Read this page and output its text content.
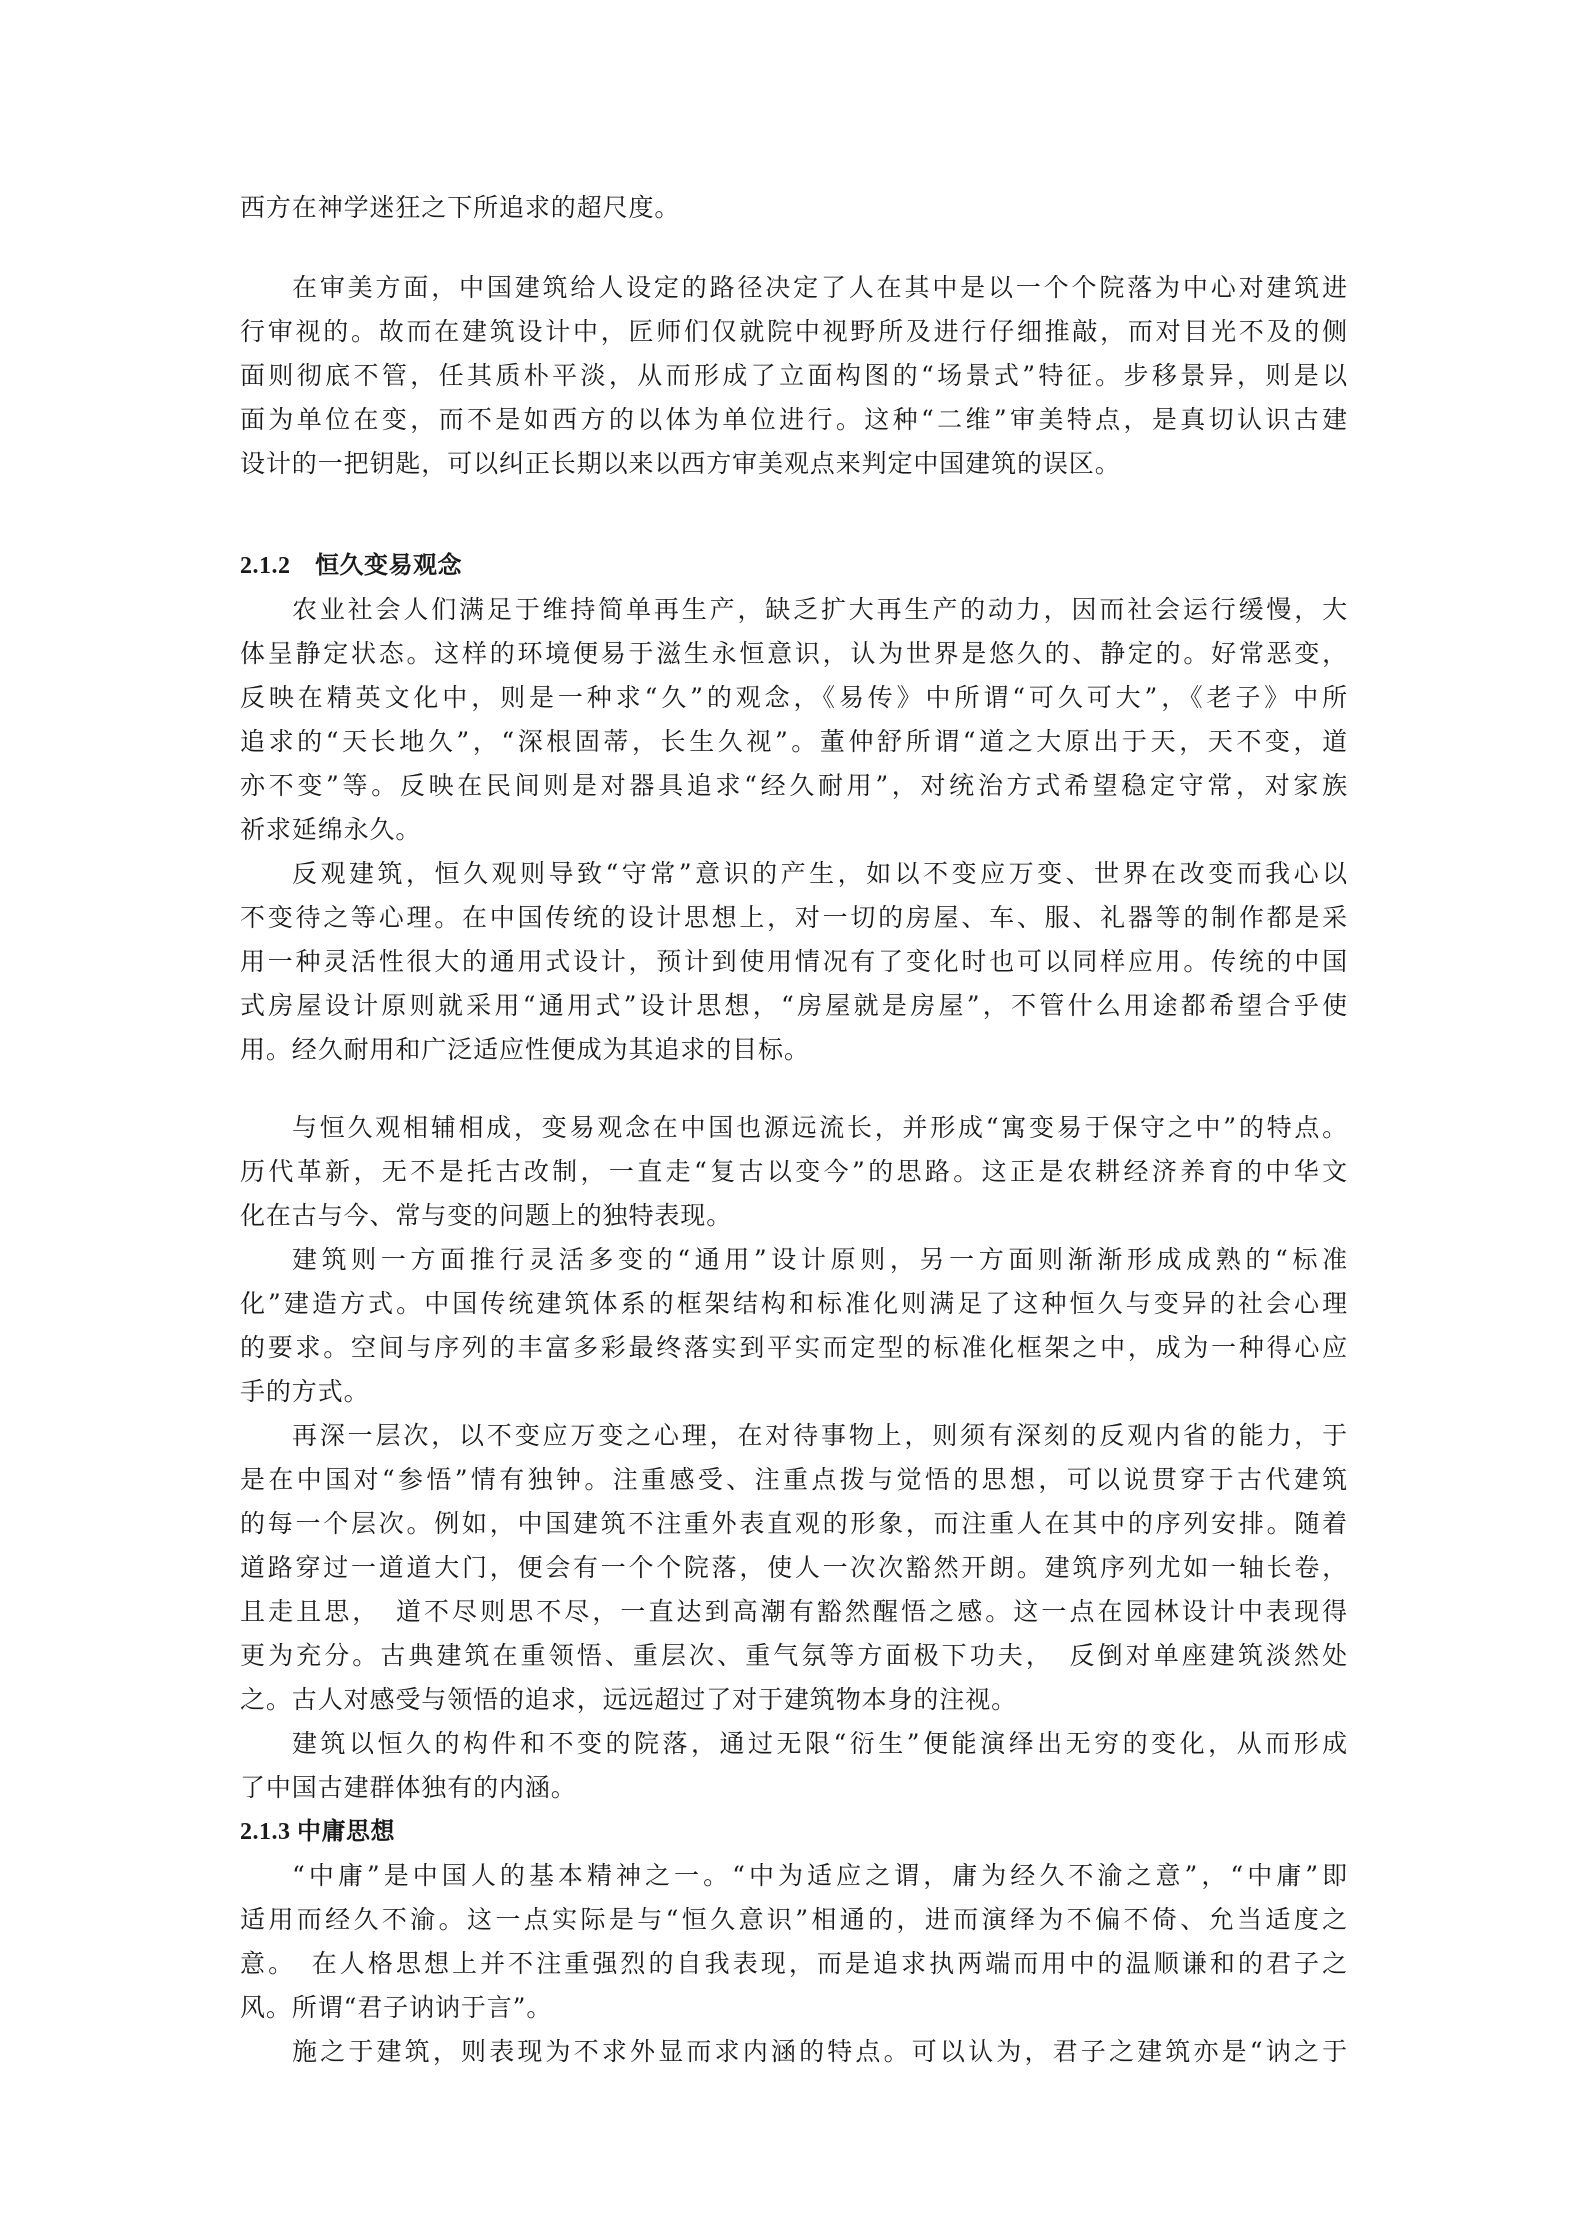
西方在神学迷狂之下所追求的超尺度。
在审美方面，中国建筑给人设定的路径决定了人在其中是以一个个院落为中心对建筑进
行审视的。故而在建筑设计中，匠师们仅就院中视野所及进行仔细推敲，而对目光不及的侧
面则彻底不管，任其质朴平淡，从而形成了立面构图的“场景式”特征。步移景异，则是以
面为单位在变，而不是如西方的以体为单位进行。这种“二维”审美特点，是真切认识古建
设计的一把钥匙，可以纠正长期以来以西方审美观点来判定中国建筑的误区。
2.1.2　恒久变易观念
农业社会人们满足于维持简单再生产，缺乏扩大再生产的动力，因而社会运行缓慢，大
体呈静定状态。这样的环境便易于滋生永恒意识，认为世界是悠久的、静定的。好常恶变，
反映在精英文化中，则是一种求“久”的观念，《易传》中所谓“可久可大”，《老子》中所
追求的“天长地久”，“深根固蒂，长生久视”。董仲舒所谓“道之大原出于天，天不变，道
亦不变”等。反映在民间则是对器具追求“经久耐用”，对统治方式希望稳定守常，对家族
祈求延绵永久。
反观建筑，恒久观则导致“守常”意识的产生，如以不变应万变、世界在改变而我心以
不变待之等心理。在中国传统的设计思想上，对一切的房屋、车、服、礼器等的制作都是采
用一种灵活性很大的通用式设计，预计到使用情况有了变化时也可以同样应用。传统的中国
式房屋设计原则就采用“通用式”设计思想，“房屋就是房屋”，不管什么用途都希望合乎使
用。经久耐用和广泛适应性便成为其追求的目标。
与恒久观相辅相成，变易观念在中国也源远流长，并形成“寓变易于保守之中”的特点。
历代革新，无不是托古改制，一直走“复古以变今”的思路。这正是农耕经济养育的中华文
化在古与今、常与变的问题上的独特表现。
建筑则一方面推行灵活多变的“通用”设计原则，另一方面则渐渐形成成熟的“标准
化”建造方式。中国传统建筑体系的框架结构和标准化则满足了这种恒久与变异的社会心理
的要求。空间与序列的丰富多彩最终落实到平实而定型的标准化框架之中，成为一种得心应
手的方式。
再深一层次，以不变应万变之心理，在对待事物上，则须有深刻的反观内省的能力，于
是在中国对“参悟”情有独钟。注重感受、注重点拨与觉悟的思想，可以说贯穿于古代建筑
的每一个层次。例如，中国建筑不注重外表直观的形象，而注重人在其中的序列安排。随着
道路穿过一道道大门，便会有一个个院落，使人一次次豁然开朗。建筑序列尤如一轴长卷，
且走且思，　道不尽则思不尽，一直达到高潮有豁然醒悟之感。这一点在园林设计中表现得
更为充分。古典建筑在重领悟、重层次、重气氛等方面极下功夫，　反倒对单座建筑淡然处
之。古人对感受与领悟的追求，远远超过了对于建筑物本身的注视。
建筑以恒久的构件和不变的院落，通过无限“衍生”便能演绎出无穷的变化，从而形成
了中国古建群体独有的内涵。
2.1.3 中庸思想
“中庸”是中国人的基本精神之一。“中为适应之谓，庸为经久不渝之意”，“中庸”即
适用而经久不渝。这一点实际是与“恒久意识”相通的，进而演绎为不偏不倚、允当适度之
意。　在人格思想上并不注重强烈的自我表现，而是追求执两端而用中的温顺谦和的君子之
风。所谓“君子讷讷于言”。
施之于建筑，则表现为不求外显而求内涵的特点。可以认为，君子之建筑亦是“讷之于
